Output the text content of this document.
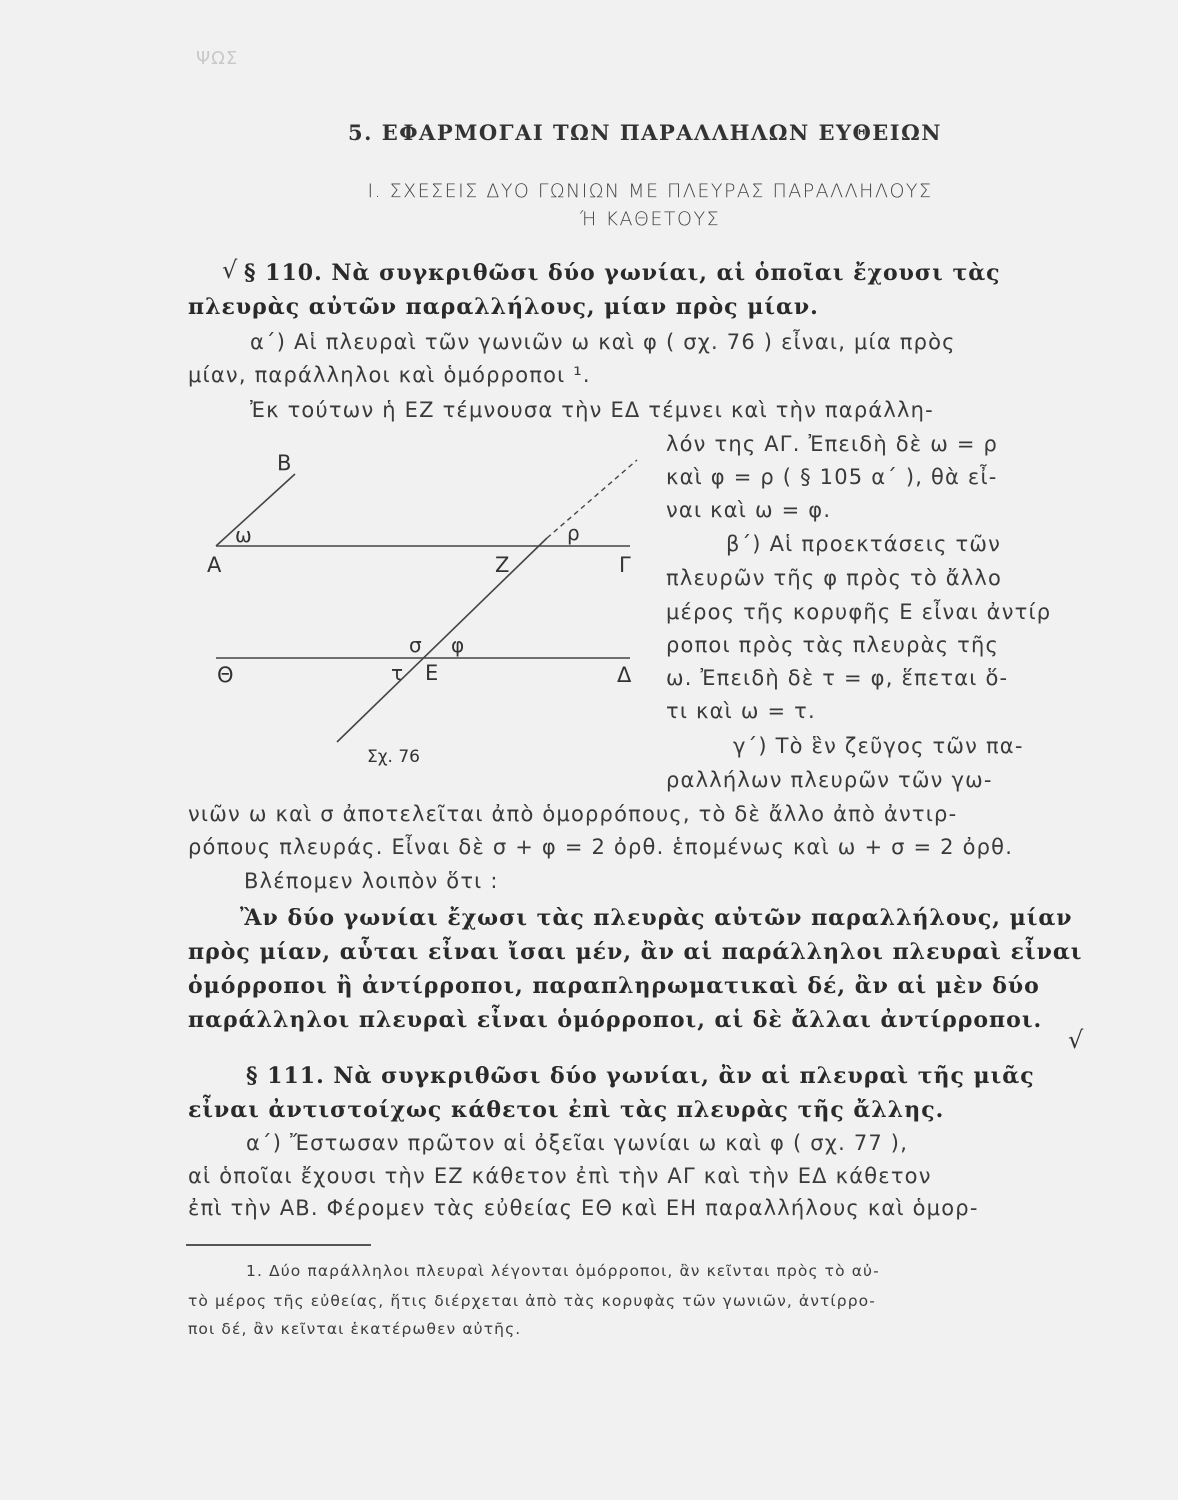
ΨΩΣ
5. ΕΦΑΡΜΟΓΑΙ ΤΩΝ ΠΑΡΑΛΛΗΛΩΝ ΕΥΘΕΙΩΝ
Ι. ΣΧΕΣΕΙΣ ΔΥΟ ΓΩΝΙΩΝ ΜΕ ΠΛΕΥΡΑΣ ΠΑΡΑΛΛΗΛΟΥΣ
Ή ΚΑΘΕΤΟΥΣ
√ § 110. Νὰ συγκριθῶσι δύο γωνίαι, αἱ ὁποῖαι ἔχουσι τὰς
πλευρὰς αὐτῶν παραλλήλους, μίαν πρὸς μίαν.
α΄) Αἱ πλευραὶ τῶν γωνιῶν ω καὶ φ ( σχ. 76 ) εἶναι, μία πρὸς
μίαν, παράλληλοι καὶ ὁμόρροποι ¹.
Ἐκ τούτων ἡ ΕΖ τέμνουσα τὴν ΕΔ τέμνει καὶ τὴν παράλλη-
λόν της ΑΓ. Ἐπειδὴ δὲ ω = ρ
καὶ φ = ρ ( § 105 α΄ ), θὰ εἶ-
ναι καὶ ω = φ.
β΄) Αἱ προεκτάσεις τῶν
πλευρῶν τῆς φ πρὸς τὸ ἄλλο
μέρος τῆς κορυφῆς Ε εἶναι ἀντίρ
ροποι πρὸς τὰς πλευρὰς τῆς
ω. Ἐπειδὴ δὲ τ = φ, ἕπεται ὅ-
τι καὶ ω = τ.
γ΄) Τὸ ἓν ζεῦγος τῶν πα-
ραλλήλων πλευρῶν τῶν γω-
Β
Α
ω
Ζ
ρ
Γ
σ φ
Θ	τ Ε	Δ
Σχ. 76
νιῶν ω καὶ σ ἀποτελεῖται ἀπὸ ὁμορρόπους, τὸ δὲ ἄλλο ἀπὸ ἀντιρ-
ρόπους πλευράς. Εἶναι δὲ σ + φ = 2 ὀρθ. ἑπομένως καὶ ω + σ = 2 ὀρθ.
Βλέπομεν λοιπὸν ὅτι :
Ἂν δύο γωνίαι ἔχωσι τὰς πλευρὰς αὐτῶν παραλλήλους, μίαν
πρὸς μίαν, αὗται εἶναι ἴσαι μέν, ἂν αἱ παράλληλοι πλευραὶ εἶναι
ὁμόρροποι ἢ ἀντίρροποι, παραπληρωματικαὶ δέ, ἂν αἱ μὲν δύο
παράλληλοι πλευραὶ εἶναι ὁμόρροποι, αἱ δὲ ἄλλαι ἀντίρροποι.
√
§ 111. Νὰ συγκριθῶσι δύο γωνίαι, ἂν αἱ πλευραὶ τῆς μιᾶς
εἶναι ἀντιστοίχως κάθετοι ἐπὶ τὰς πλευρὰς τῆς ἄλλης.
α΄) Ἔστωσαν πρῶτον αἱ ὀξεῖαι γωνίαι ω καὶ φ ( σχ. 77 ),
αἱ ὁποῖαι ἔχουσι τὴν ΕΖ κάθετον ἐπὶ τὴν ΑΓ καὶ τὴν ΕΔ κάθετον
ἐπὶ τὴν ΑΒ. Φέρομεν τὰς εὐθείας ΕΘ καὶ ΕΗ παραλλήλους καὶ ὁμορ-
1. Δύο παράλληλοι πλευραὶ λέγονται ὁμόρροποι, ἂν κεῖνται πρὸς τὸ αὐ-
τὸ μέρος τῆς εὐθείας, ἥτις διέρχεται ἀπὸ τὰς κορυφὰς τῶν γωνιῶν, ἀντίρρο-
ποι δέ, ἂν κεῖνται ἑκατέρωθεν αὐτῆς.
